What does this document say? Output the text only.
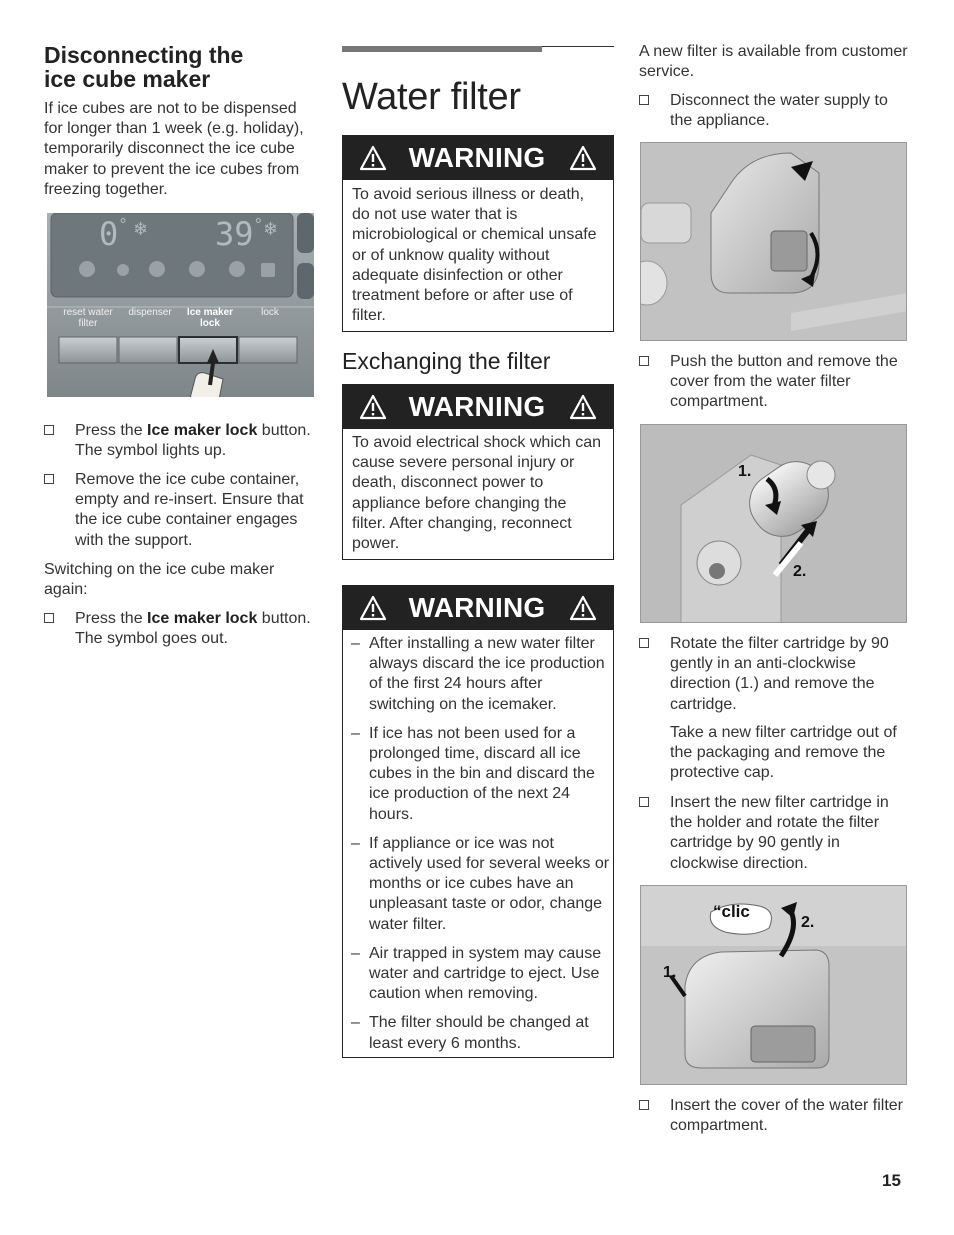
Disconnecting the
ice cube maker

If ice cubes are not to be dispensed for longer than 1 week (e.g. holiday), temporarily disconnect the ice cube maker to prevent the ice cubes from freezing together.

0° ❄ 39° ❄
reset water filter
dispenser	Ice maker lock
lock
Press the Ice maker lock button. The symbol lights up.
Remove the ice cube container, empty and re-insert. Ensure that the ice cube container engages with the support.

Switching on the ice cube maker again:

Press the Ice maker lock button. The symbol goes out.
Water filter
WARNING
To avoid serious illness or death, do not use water that is microbiological or chemical unsafe or of unknow quality without adequate disinfection or other treatment before or after use of filter.
Exchanging the filter
WARNING
To avoid electrical shock which can cause severe personal injury or death, disconnect power to appliance before changing the filter. After changing, reconnect power.
WARNING
– After installing a new water filter always discard the ice production of the first 24 hours after switching on the icemaker.
– If ice has not been used for a prolonged time, discard all ice cubes in the bin and discard the ice production of the next 24 hours.
– If appliance or ice was not actively used for several weeks or months or ice cubes have an unpleasant taste or odor, change water filter.
– Air trapped in system may cause water and cartridge to eject. Use caution when removing.
– The filter should be changed at least every 6 months.

A new filter is available from customer service.

Disconnect the water supply to the appliance.
Push the button and remove the cover from the water filter compartment.
1.
2.
Rotate the filter cartridge by 90 gently in an anti-clockwise direction (1.) and remove the cartridge.

Take a new filter cartridge out of the packaging and remove the protective cap.

Insert the new filter cartridge in the holder and rotate the filter cartridge by 90 gently in clockwise direction.
“clic
1.
2.
Insert the cover of the water filter compartment.
15
